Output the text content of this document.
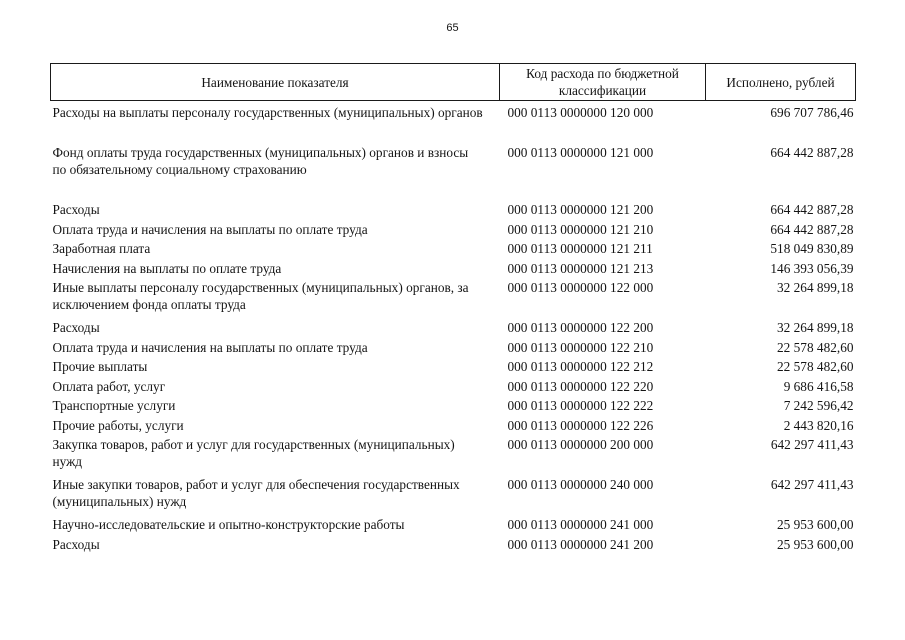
65
Наименование показателя	Код расхода по бюджетной классификации	Исполнено, рублей
Расходы на выплаты персоналу государственных (муниципальных) органов	000 0113 0000000 120 000	696 707 786,46
Фонд оплаты труда государственных (муниципальных) органов и взносы по обязательному социальному страхованию	000 0113 0000000 121 000	664 442 887,28
Расходы	000 0113 0000000 121 200	664 442 887,28
Оплата труда и начисления на выплаты по оплате труда	000 0113 0000000 121 210	664 442 887,28
Заработная плата	000 0113 0000000 121 211	518 049 830,89
Начисления на выплаты по оплате труда	000 0113 0000000 121 213	146 393 056,39
Иные выплаты персоналу государственных (муниципальных) органов, за исключением фонда оплаты труда	000 0113 0000000 122 000	32 264 899,18
Расходы	000 0113 0000000 122 200	32 264 899,18
Оплата труда и начисления на выплаты по оплате труда	000 0113 0000000 122 210	22 578 482,60
Прочие выплаты	000 0113 0000000 122 212	22 578 482,60
Оплата работ, услуг	000 0113 0000000 122 220	9 686 416,58
Транспортные услуги	000 0113 0000000 122 222	7 242 596,42
Прочие работы, услуги	000 0113 0000000 122 226	2 443 820,16
Закупка товаров, работ и услуг для государственных (муниципальных) нужд	000 0113 0000000 200 000	642 297 411,43
Иные закупки товаров, работ и услуг для обеспечения государственных (муниципальных) нужд	000 0113 0000000 240 000	642 297 411,43
Научно-исследовательские и опытно-конструкторские работы	000 0113 0000000 241 000	25 953 600,00
Расходы	000 0113 0000000 241 200	25 953 600,00
